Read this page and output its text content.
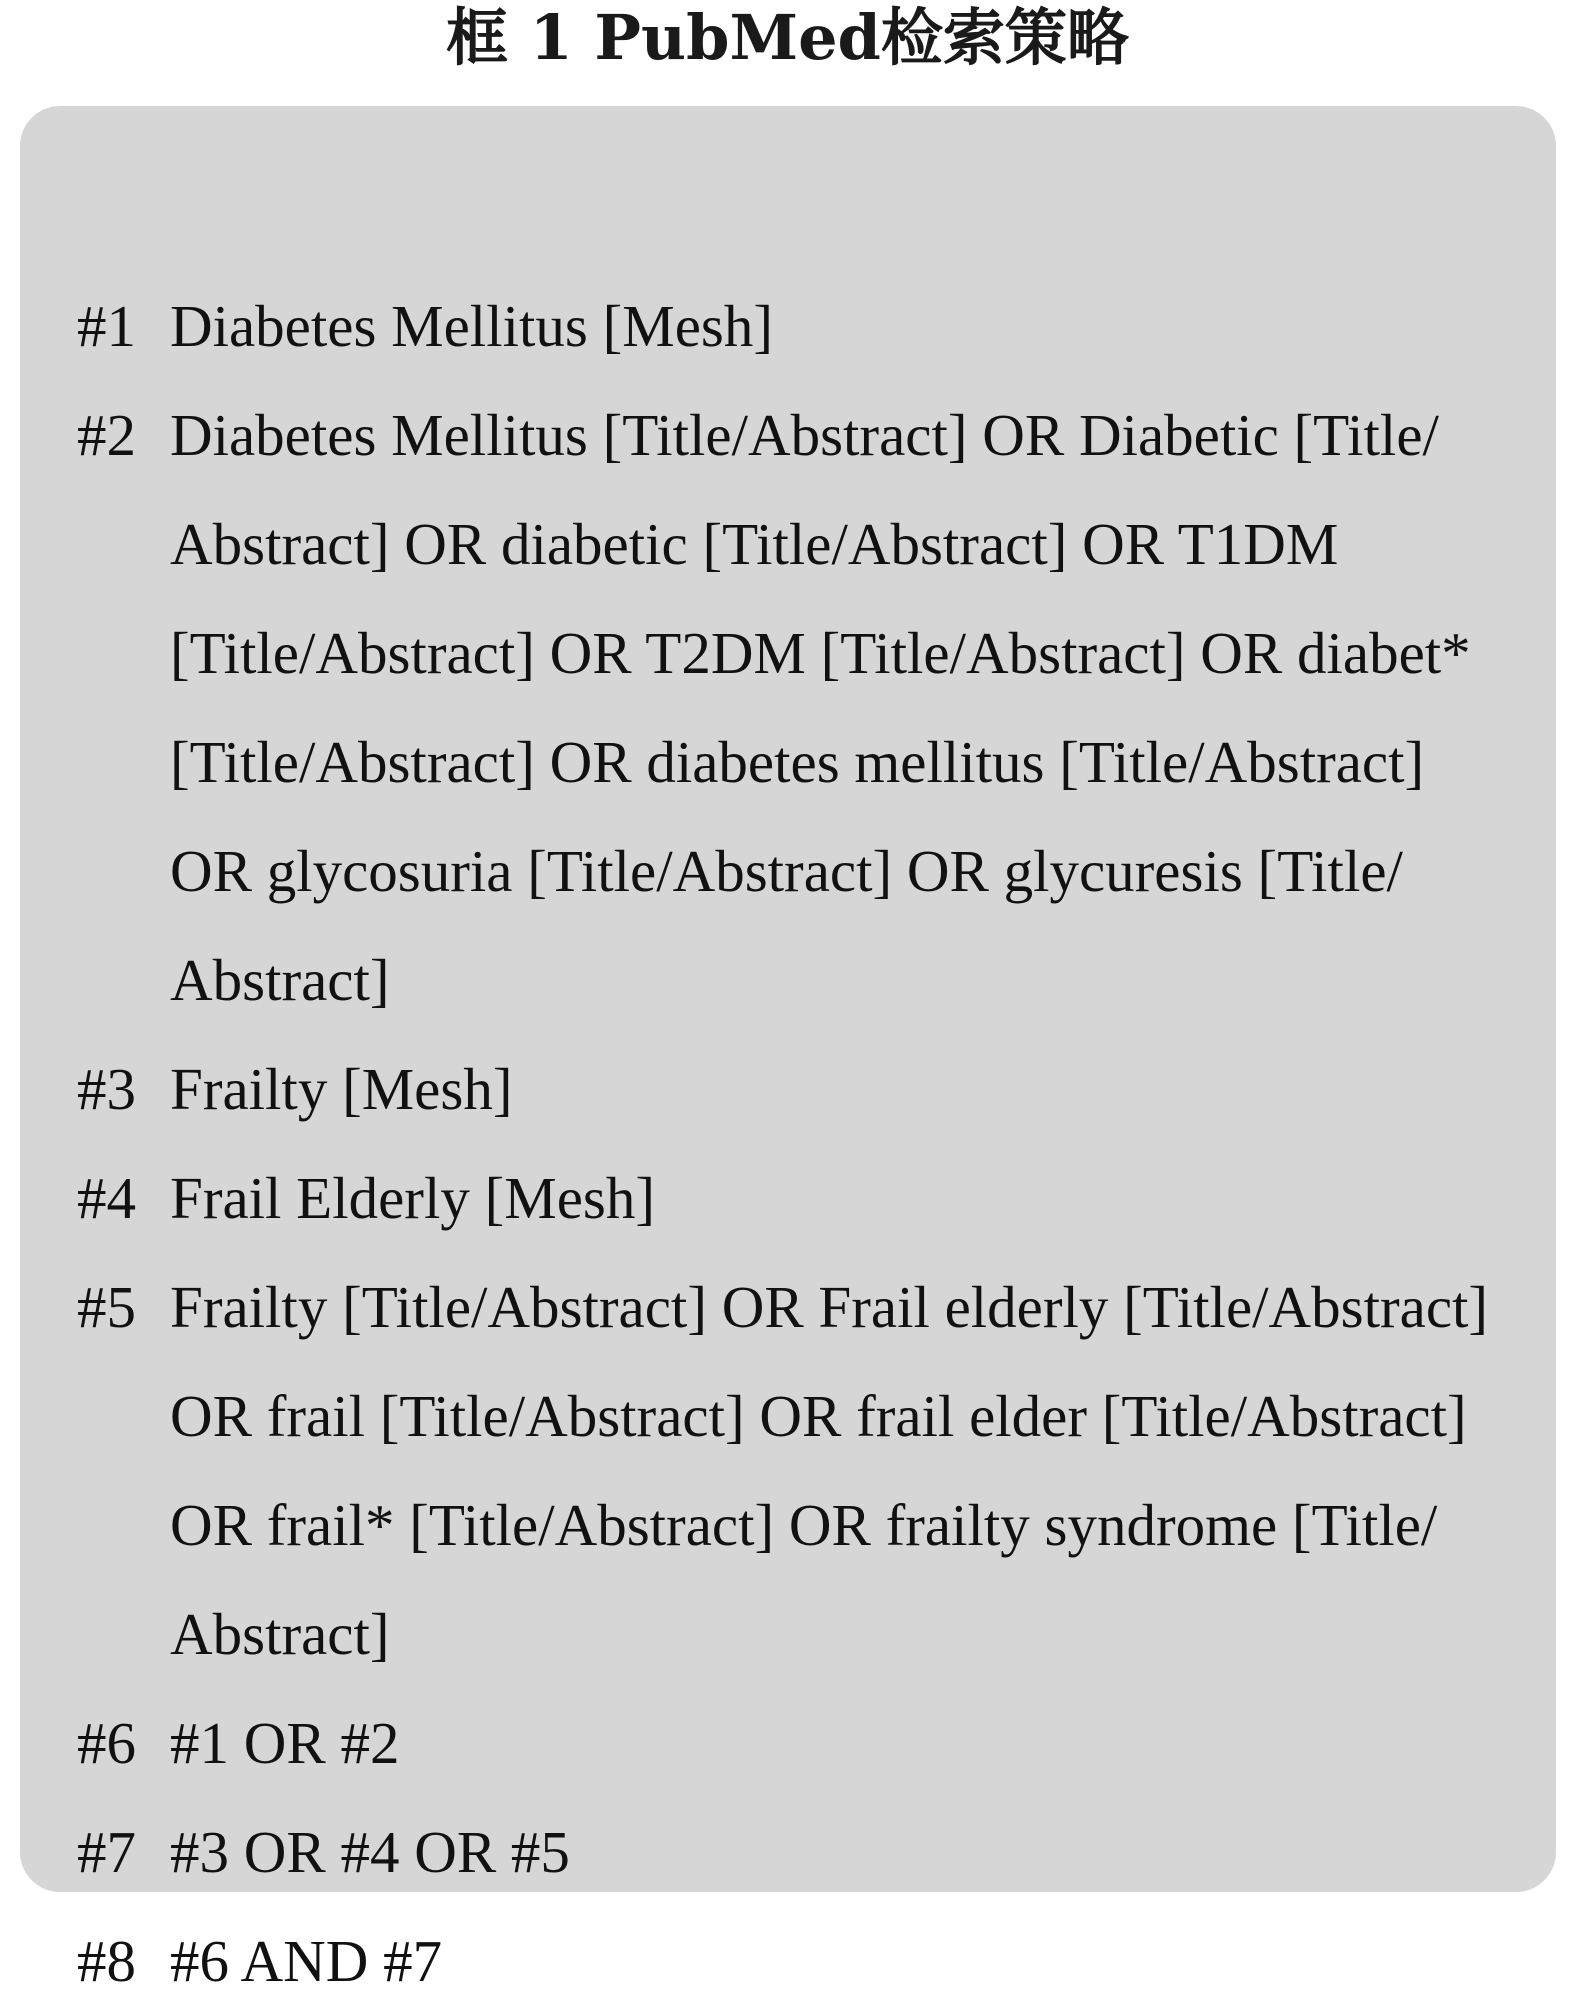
框 1 PubMed检索策略
#1 Diabetes Mellitus [Mesh]
#2 Diabetes Mellitus [Title/Abstract] OR Diabetic [Title/
Abstract] OR diabetic [Title/Abstract] OR T1DM
[Title/Abstract] OR T2DM [Title/Abstract] OR diabet*
[Title/Abstract] OR diabetes mellitus [Title/Abstract]
OR glycosuria [Title/Abstract] OR glycuresis [Title/
Abstract]
#3 Frailty [Mesh]
#4 Frail Elderly [Mesh]
#5 Frailty [Title/Abstract] OR Frail elderly [Title/Abstract]
OR frail [Title/Abstract] OR frail elder [Title/Abstract]
OR frail* [Title/Abstract] OR frailty syndrome [Title/
Abstract]
#6 #1 OR #2
#7 #3 OR #4 OR #5
#8 #6 AND #7
